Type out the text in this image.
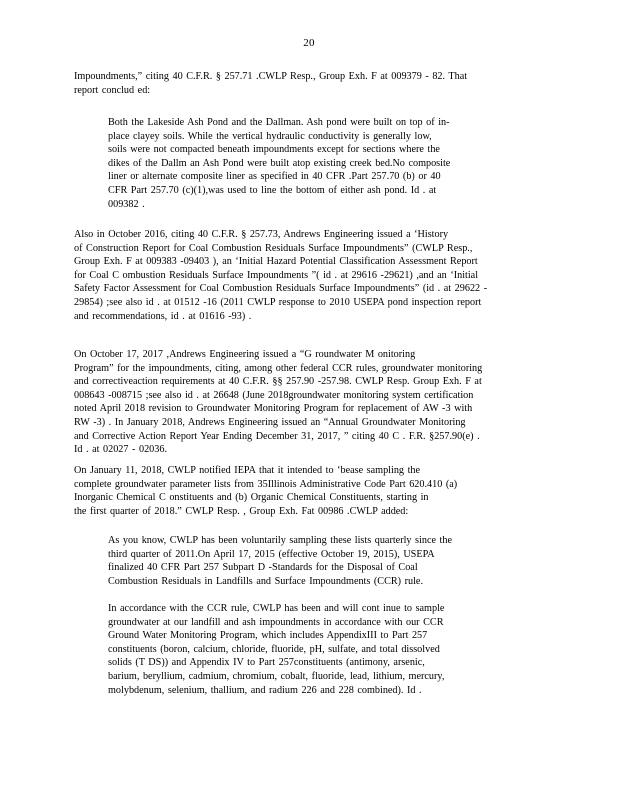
20
Impoundments,” citing 40 C.F.R. § 257.71 .CWLP Resp., Group Exh. F at 009379 - 82. That
report conclud ed:
Both the Lakeside Ash Pond and the Dallman. Ash pond were built on top of in-
place clayey soils. While the vertical hydraulic conductivity is generally low,
soils were not compacted beneath impoundments except for sections where the
dikes of the Dallm an Ash Pond were built atop existing creek bed.No composite
liner or alternate composite liner as specified in 40 CFR .Part 257.70 (b) or 40
CFR Part 257.70 (c)(1),was used to line the bottom of either ash pond. Id . at
009382 .
Also in October 2016, citing 40 C.F.R. § 257.73, Andrews Engineering issued a ‘History
of Construction Report for Coal Combustion Residuals Surface Impoundments” (CWLP Resp.,
Group Exh. F at 009383 -09403 ), an ‘Initial Hazard Potential Classification Assessment Report
for Coal C ombustion Residuals Surface Impoundments ”( id . at 29616 -29621) ,and an ‘Initial
Safety Factor Assessment for Coal Combustion Residuals Surface Impoundments” (id . at 29622 -
29854) ;see also id . at 01512 -16 (2011 CWLP response to 2010 USEPA pond inspection report
and recommendations, id . at 01616 -93) .
On October 17, 2017 ,Andrews Engineering issued a “G roundwater M onitoring
Program” for the impoundments, citing, among other federal CCR rules, groundwater monitoring
and correctiveaction requirements at 40 C.F.R. §§ 257.90 -257.98. CWLP Resp. Group Exh. F at
008643 -008715 ;see also id . at 26648 (June 2018groundwater monitoring system certification
noted April 2018 revision to Groundwater Monitoring Program for replacement of AW -3 with
RW -3) . In January 2018, Andrews Engineering issued an “Annual Groundwater Monitoring
and Corrective Action Report Year Ending December 31, 2017, ” citing 40 C . F.R. §257.90(e) .
Id . at 02027 - 02036.
On January 11, 2018, CWLP notified IEPA that it intended to ‘bease sampling the
complete groundwater parameter lists from 35Illinois Administrative Code Part 620.410 (a)
Inorganic Chemical C onstituents and (b) Organic Chemical Constituents, starting in
the first quarter of 2018.” CWLP Resp. , Group Exh. Fat 00986 .CWLP added:
As you know, CWLP has been voluntarily sampling these lists quarterly since the
third quarter of 2011.On April 17, 2015 (effective October 19, 2015), USEPA
finalized 40 CFR Part 257 Subpart D -Standards for the Disposal of Coal
Combustion Residuals in Landfills and Surface Impoundments (CCR) rule.
In accordance with the CCR rule, CWLP has been and will cont inue to sample
groundwater at our landfill and ash impoundments in accordance with our CCR
Ground Water Monitoring Program, which includes AppendixIII to Part 257
constituents (boron, calcium, chloride, fluoride, pH, sulfate, and total dissolved
solids (T DS)) and Appendix IV to Part 257constituents (antimony, arsenic,
barium, beryllium, cadmium, chromium, cobalt, fluoride, lead, lithium, mercury,
molybdenum, selenium, thallium, and radium 226 and 228 combined). Id .
